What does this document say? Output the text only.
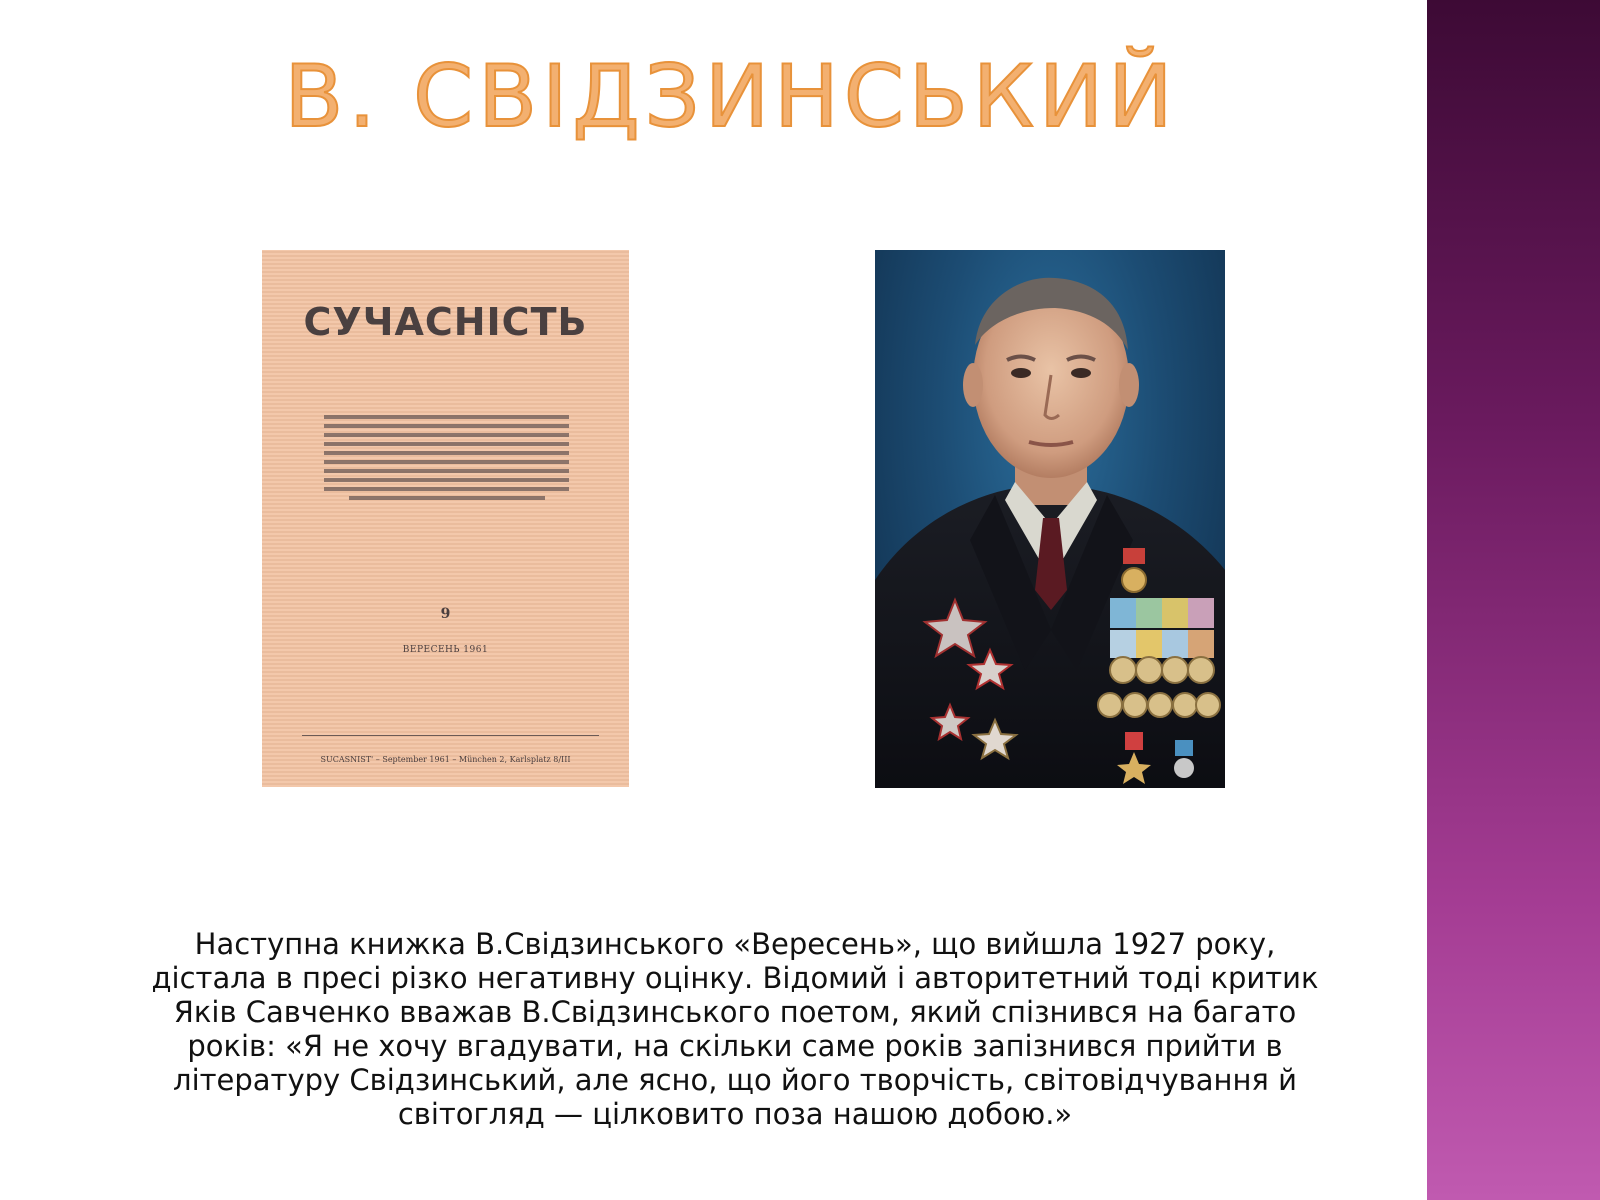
В. СВІДЗИНСЬКИЙ
СУЧАСНІСТЬ
9
ВЕРЕСЕНЬ 1961
SUCASNIST' – September 1961 – München 2, Karlsplatz 8/III

Наступна книжка В.Свідзинського «Вересень», що вийшла 1927 року, дістала в пресі різко негативну оцінку. Відомий і авторитетний тоді критик Яків Савченко вважав В.Свідзинського поетом, який спізнився на багато років: «Я не хочу вгадувати, на скільки саме років запізнився прийти в літературу Свідзинський, але ясно, що його творчість, світовідчування й світогляд — цілковито поза нашою добою.»
